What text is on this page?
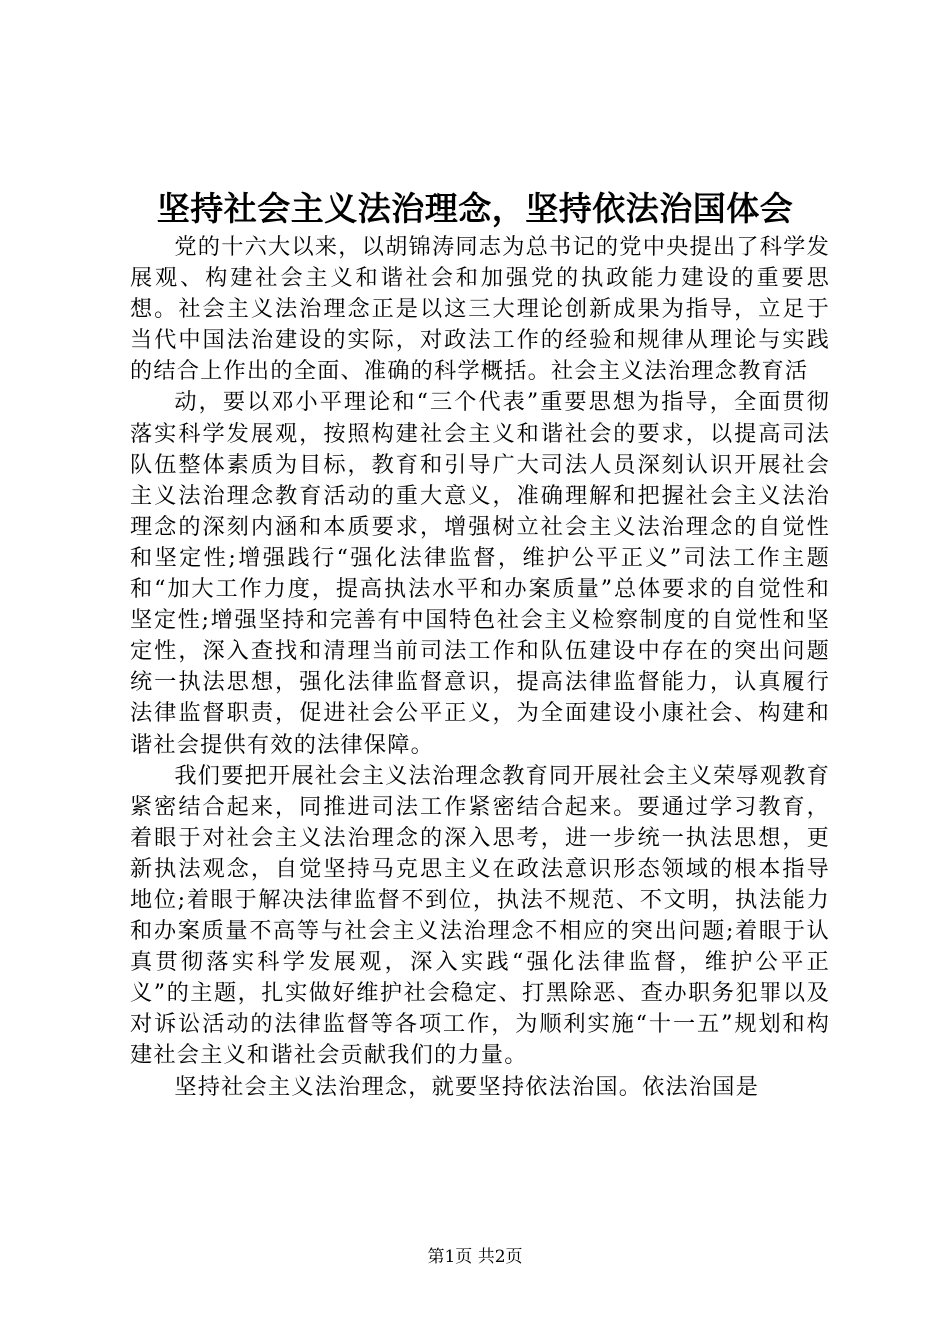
坚持社会主义法治理念，坚持依法治国体会

党的十六大以来，以胡锦涛同志为总书记的党中央提出了科学发展观、构建社会主义和谐社会和加强党的执政能力建设的重要思想。社会主义法治理念正是以这三大理论创新成果为指导，立足于当代中国法治建设的实际，对政法工作的经验和规律从理论与实践的结合上作出的全面、准确的科学概括。社会主义法治理念教育活

动，要以邓小平理论和“三个代表”重要思想为指导，全面贯彻落实科学发展观，按照构建社会主义和谐社会的要求，以提高司法队伍整体素质为目标，教育和引导广大司法人员深刻认识开展社会主义法治理念教育活动的重大意义，准确理解和把握社会主义法治理念的深刻内涵和本质要求，增强树立社会主义法治理念的自觉性和坚定性;增强践行“强化法律监督，维护公平正义”司法工作主题和“加大工作力度，提高执法水平和办案质量”总体要求的自觉性和坚定性;增强坚持和完善有中国特色社会主义检察制度的自觉性和坚定性，深入查找和清理当前司法工作和队伍建设中存在的突出问题统一执法思想，强化法律监督意识，提高法律监督能力，认真履行法律监督职责，促进社会公平正义，为全面建设小康社会、构建和谐社会提供有效的法律保障。

我们要把开展社会主义法治理念教育同开展社会主义荣辱观教育紧密结合起来，同推进司法工作紧密结合起来。要通过学习教育，着眼于对社会主义法治理念的深入思考，进一步统一执法思想，更新执法观念，自觉坚持马克思主义在政法意识形态领域的根本指导地位;着眼于解决法律监督不到位，执法不规范、不文明，执法能力和办案质量不高等与社会主义法治理念不相应的突出问题;着眼于认真贯彻落实科学发展观，深入实践“强化法律监督，维护公平正义”的主题，扎实做好维护社会稳定、打黑除恶、查办职务犯罪以及对诉讼活动的法律监督等各项工作，为顺利实施“十一五”规划和构建社会主义和谐社会贡献我们的力量。

坚持社会主义法治理念，就要坚持依法治国。依法治国是

第1页 共2页
